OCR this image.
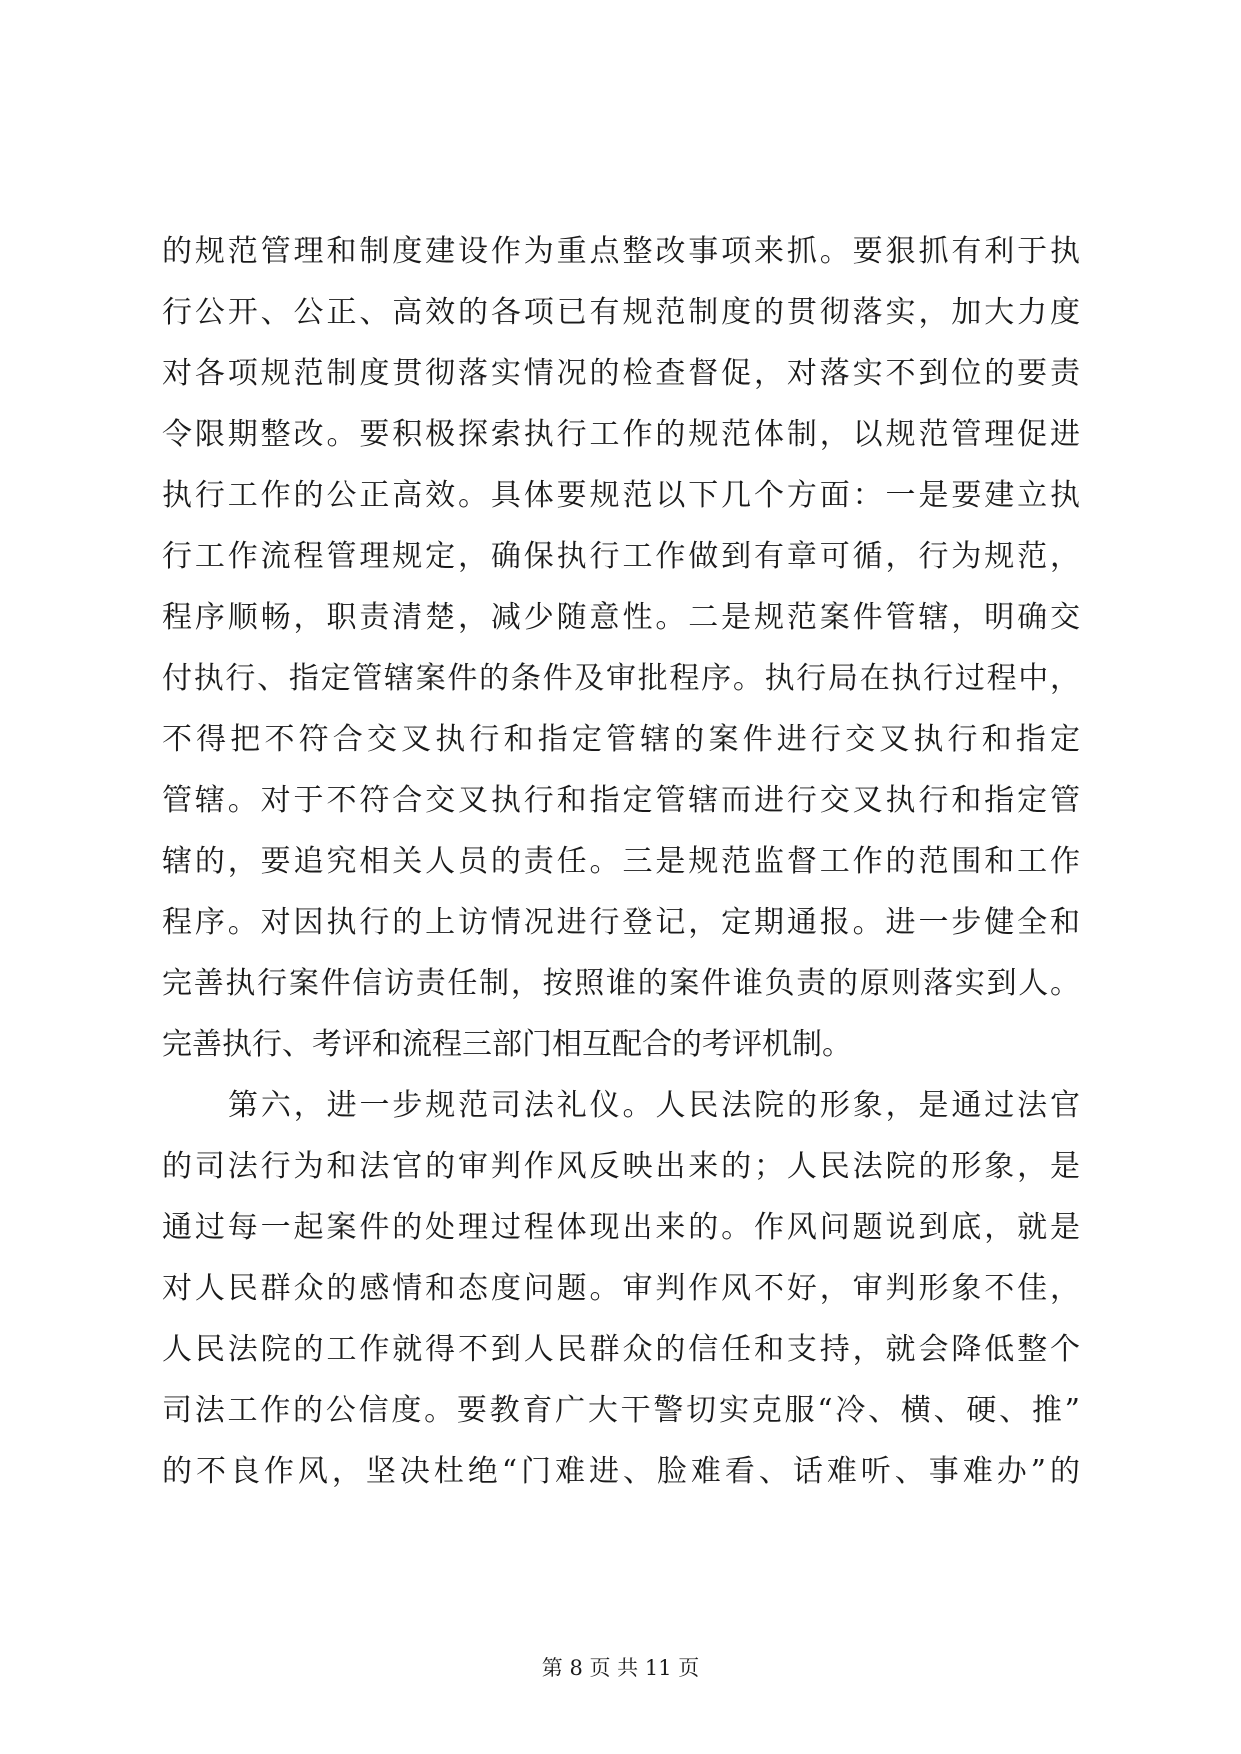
的规范管理和制度建设作为重点整改事项来抓。要狠抓有利于执
行公开、公正、高效的各项已有规范制度的贯彻落实，加大力度
对各项规范制度贯彻落实情况的检查督促，对落实不到位的要责
令限期整改。要积极探索执行工作的规范体制，以规范管理促进
执行工作的公正高效。具体要规范以下几个方面：一是要建立执
行工作流程管理规定，确保执行工作做到有章可循，行为规范，
程序顺畅，职责清楚，减少随意性。二是规范案件管辖，明确交
付执行、指定管辖案件的条件及审批程序。执行局在执行过程中，
不得把不符合交叉执行和指定管辖的案件进行交叉执行和指定
管辖。对于不符合交叉执行和指定管辖而进行交叉执行和指定管
辖的，要追究相关人员的责任。三是规范监督工作的范围和工作
程序。对因执行的上访情况进行登记，定期通报。进一步健全和
完善执行案件信访责任制，按照谁的案件谁负责的原则落实到人。
完善执行、考评和流程三部门相互配合的考评机制。
第六，进一步规范司法礼仪。人民法院的形象，是通过法官
的司法行为和法官的审判作风反映出来的；人民法院的形象，是
通过每一起案件的处理过程体现出来的。作风问题说到底，就是
对人民群众的感情和态度问题。审判作风不好，审判形象不佳，
人民法院的工作就得不到人民群众的信任和支持，就会降低整个
司法工作的公信度。要教育广大干警切实克服“冷、横、硬、推”
的不良作风，坚决杜绝“门难进、脸难看、话难听、事难办”的
第 8 页 共 11 页
